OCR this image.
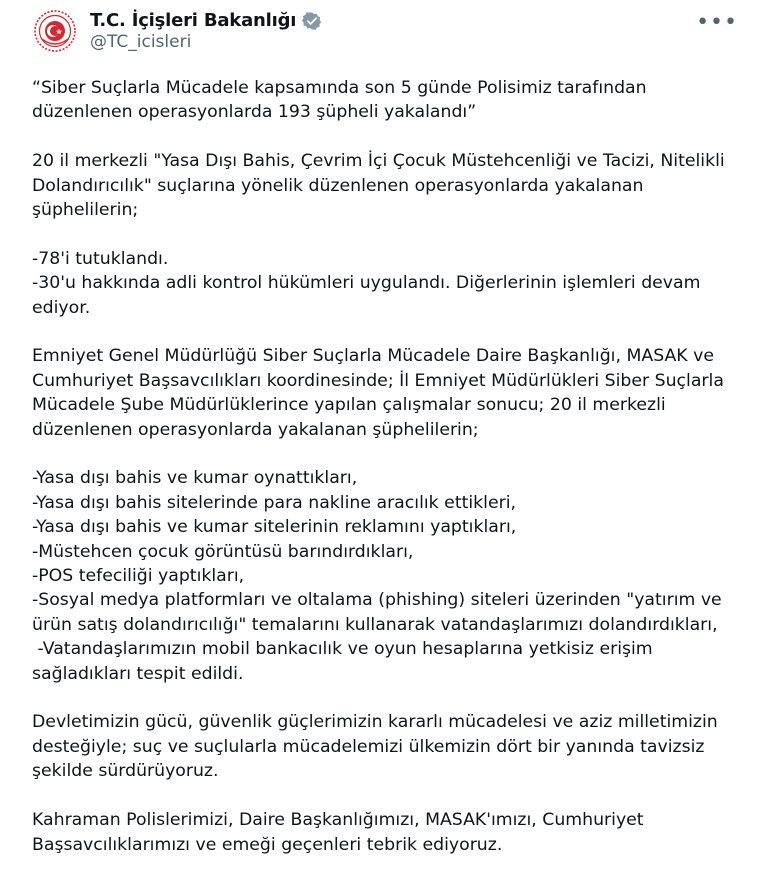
T.C. İçişleri Bakanlığı
@TC_icisleri
•••

“Siber Suçlarla Mücadele kapsamında son 5 günde Polisimiz tarafından
düzenlenen operasyonlarda 193 şüpheli yakalandı”

20 il merkezli "Yasa Dışı Bahis, Çevrim İçi Çocuk Müstehcenliği ve Tacizi, Nitelikli
Dolandırıcılık" suçlarına yönelik düzenlenen operasyonlarda yakalanan
şüphelilerin;

-78'i tutuklandı.
-30'u hakkında adli kontrol hükümleri uygulandı. Diğerlerinin işlemleri devam
ediyor.

Emniyet Genel Müdürlüğü Siber Suçlarla Mücadele Daire Başkanlığı, MASAK ve
Cumhuriyet Başsavcılıkları koordinesinde; İl Emniyet Müdürlükleri Siber Suçlarla
Mücadele Şube Müdürlüklerince yapılan çalışmalar sonucu; 20 il merkezli
düzenlenen operasyonlarda yakalanan şüphelilerin;

-Yasa dışı bahis ve kumar oynattıkları,
-Yasa dışı bahis sitelerinde para nakline aracılık ettikleri,
-Yasa dışı bahis ve kumar sitelerinin reklamını yaptıkları,
-Müstehcen çocuk görüntüsü barındırdıkları,
-POS tefeciliği yaptıkları,
-Sosyal medya platformları ve oltalama (phishing) siteleri üzerinden "yatırım ve
ürün satış dolandırıcılığı" temalarını kullanarak vatandaşlarımızı dolandırdıkları,
-Vatandaşlarımızın mobil bankacılık ve oyun hesaplarına yetkisiz erişim
sağladıkları tespit edildi.

Devletimizin gücü, güvenlik güçlerimizin kararlı mücadelesi ve aziz milletimizin
desteğiyle; suç ve suçlularla mücadelemizi ülkemizin dört bir yanında tavizsiz
şekilde sürdürüyoruz.

Kahraman Polislerimizi, Daire Başkanlığımızı, MASAK'ımızı, Cumhuriyet
Başsavcılıklarımızı ve emeği geçenleri tebrik ediyoruz.
